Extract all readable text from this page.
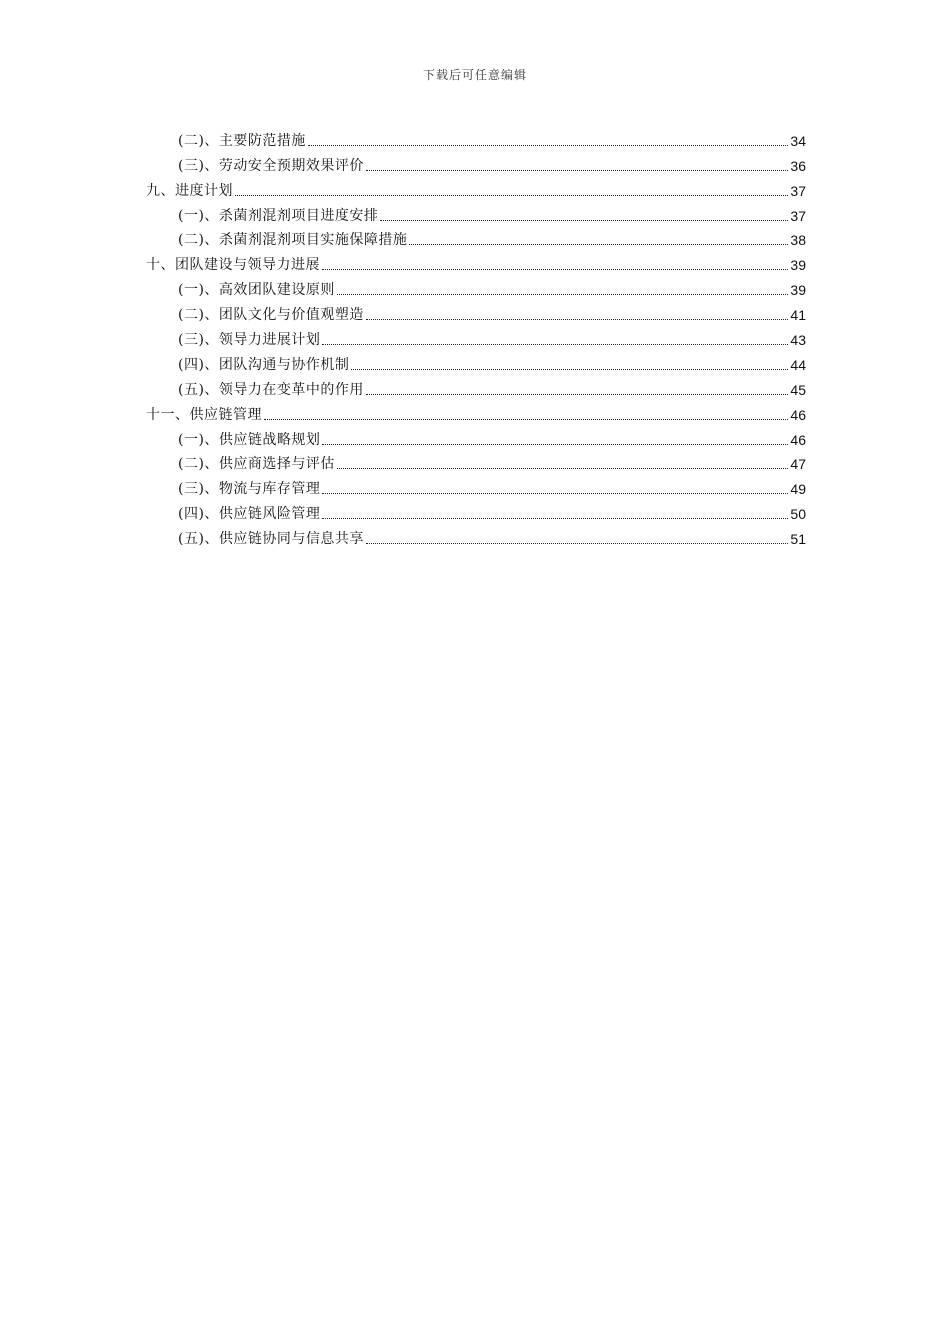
下载后可任意编辑
(二)、主要防范措施	34
(三)、劳动安全预期效果评价	36
九、进度计划	37
(一)、杀菌剂混剂项目进度安排	37
(二)、杀菌剂混剂项目实施保障措施	38
十、团队建设与领导力进展	39
(一)、高效团队建设原则	39
(二)、团队文化与价值观塑造	41
(三)、领导力进展计划	43
(四)、团队沟通与协作机制	44
(五)、领导力在变革中的作用	45
十一、供应链管理	46
(一)、供应链战略规划	46
(二)、供应商选择与评估	47
(三)、物流与库存管理	49
(四)、供应链风险管理	50
(五)、供应链协同与信息共享	51
